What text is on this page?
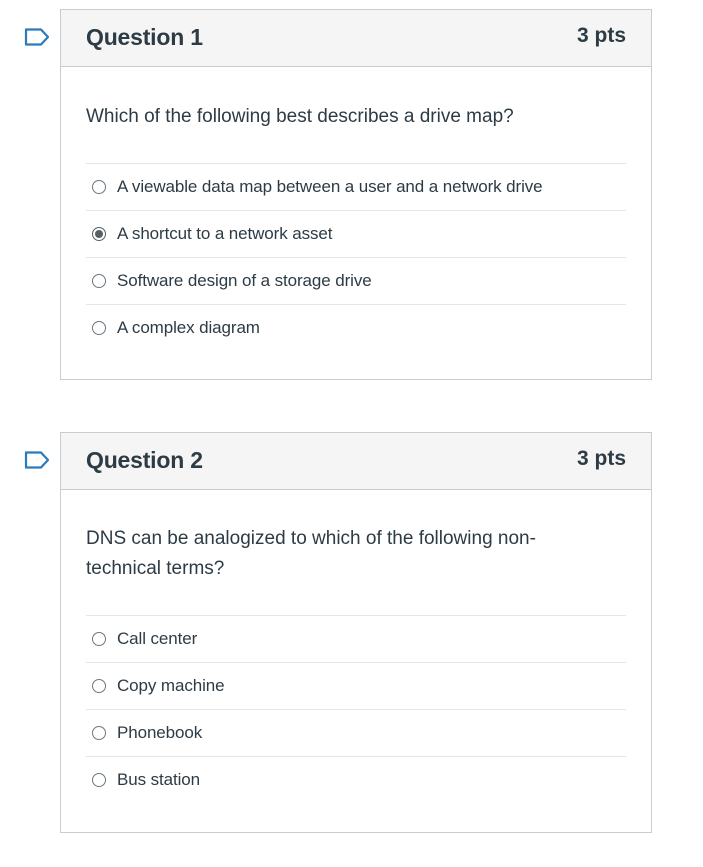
Question 1	3 pts

Which of the following best describes a drive map?

A viewable data map between a user and a network drive
A shortcut to a network asset
Software design of a storage drive
A complex diagram
Question 2	3 pts

DNS can be analogized to which of the following non-technical terms?

Call center
Copy machine
Phonebook
Bus station
